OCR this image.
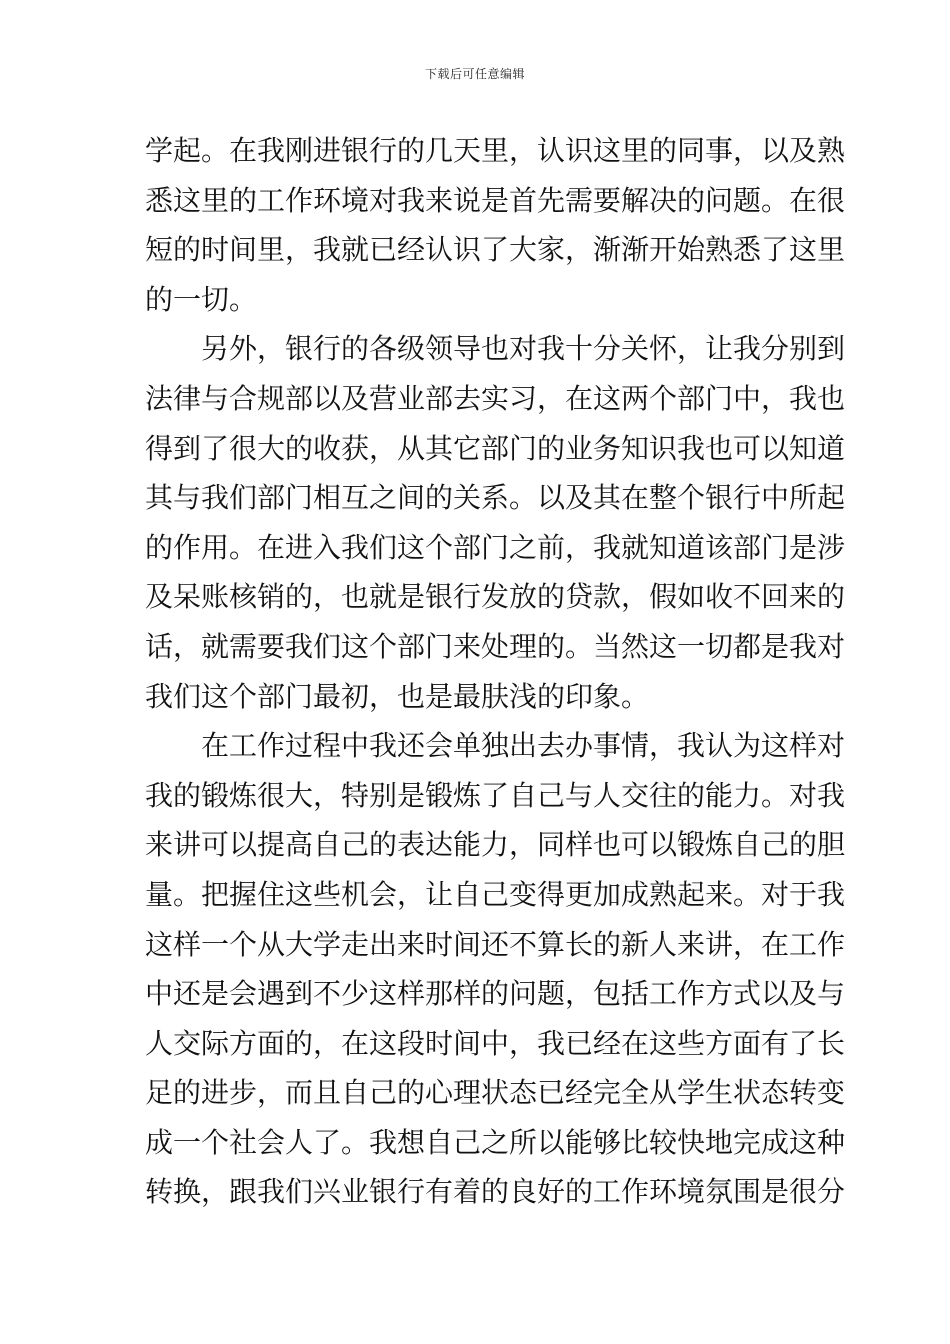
下载后可任意编辑
学起。在我刚进银行的几天里，认识这里的同事，以及熟
悉这里的工作环境对我来说是首先需要解决的问题。在很
短的时间里，我就已经认识了大家，渐渐开始熟悉了这里
的一切。
另外，银行的各级领导也对我十分关怀，让我分别到
法律与合规部以及营业部去实习，在这两个部门中，我也
得到了很大的收获，从其它部门的业务知识我也可以知道
其与我们部门相互之间的关系。以及其在整个银行中所起
的作用。在进入我们这个部门之前，我就知道该部门是涉
及呆账核销的，也就是银行发放的贷款，假如收不回来的
话，就需要我们这个部门来处理的。当然这一切都是我对
我们这个部门最初，也是最肤浅的印象。
在工作过程中我还会单独出去办事情，我认为这样对
我的锻炼很大，特别是锻炼了自己与人交往的能力。对我
来讲可以提高自己的表达能力，同样也可以锻炼自己的胆
量。把握住这些机会，让自己变得更加成熟起来。对于我
这样一个从大学走出来时间还不算长的新人来讲，在工作
中还是会遇到不少这样那样的问题，包括工作方式以及与
人交际方面的，在这段时间中，我已经在这些方面有了长
足的进步，而且自己的心理状态已经完全从学生状态转变
成一个社会人了。我想自己之所以能够比较快地完成这种
转换，跟我们兴业银行有着的良好的工作环境氛围是很分
